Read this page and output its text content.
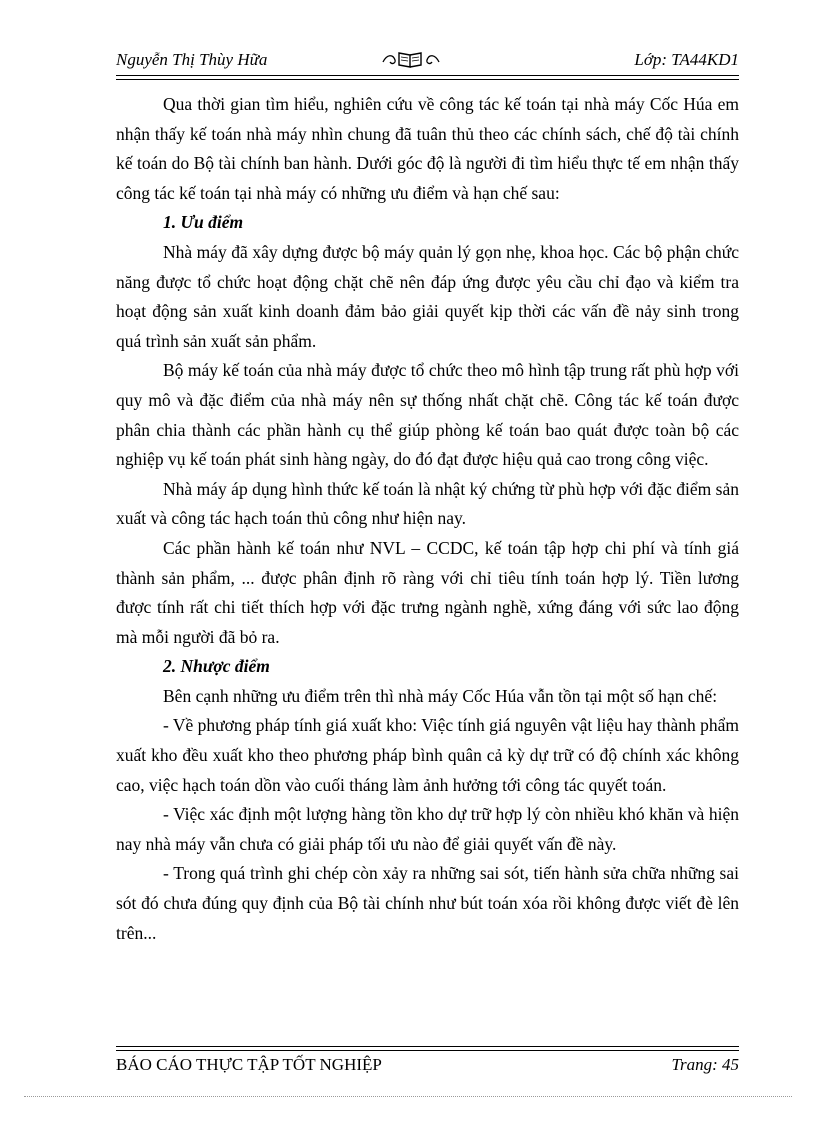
Nguyễn Thị Thùy Hữa	Lớp: TA44KD1

Qua thời gian tìm hiểu, nghiên cứu về công tác kế toán tại nhà máy Cốc Húa em nhận thấy kế toán nhà máy nhìn chung đã tuân thủ theo các chính sách, chế độ tài chính kế toán do Bộ tài chính ban hành. Dưới góc độ là người đi tìm hiểu thực tế em nhận thấy công tác kế toán tại nhà máy có những ưu điểm và hạn chế sau:

1. Ưu điểm

Nhà máy đã xây dựng được bộ máy quản lý gọn nhẹ, khoa học. Các bộ phận chức năng được tổ chức hoạt động chặt chẽ nên đáp ứng được yêu cầu chỉ đạo và kiểm tra hoạt động sản xuất kinh doanh đảm bảo giải quyết kịp thời các vấn đề nảy sinh trong quá trình sản xuất sản phẩm.

Bộ máy kế toán của nhà máy được tổ chức theo mô hình tập trung rất phù hợp với quy mô và đặc điểm của nhà máy nên sự thống nhất chặt chẽ. Công tác kế toán được phân chia thành các phần hành cụ thể giúp phòng kế toán bao quát được toàn bộ các nghiệp vụ kế toán phát sinh hàng ngày, do đó đạt được hiệu quả cao trong công việc.

Nhà máy áp dụng hình thức kế toán là nhật ký chứng từ phù hợp với đặc điểm sản xuất và công tác hạch toán thủ công như hiện nay.

Các phần hành kế toán như NVL – CCDC, kế toán tập hợp chi phí và tính giá thành sản phẩm, ... được phân định rõ ràng với chỉ tiêu tính toán hợp lý. Tiền lương được tính rất chi tiết thích hợp với đặc trưng ngành nghề, xứng đáng với sức lao động mà mỗi người đã bỏ ra.

2. Nhược điểm

Bên cạnh những ưu điểm trên thì nhà máy Cốc Húa vẫn tồn tại một số hạn chế:

- Về phương pháp tính giá xuất kho: Việc tính giá nguyên vật liệu hay thành phẩm xuất kho đều xuất kho theo phương pháp bình quân cả kỳ dự trữ có độ chính xác không cao, việc hạch toán dồn vào cuối tháng làm ảnh hưởng tới công tác quyết toán.

- Việc xác định một lượng hàng tồn kho dự trữ hợp lý còn nhiều khó khăn và hiện nay nhà máy vẫn chưa có giải pháp tối ưu nào để giải quyết vấn đề này.

- Trong quá trình ghi chép còn xảy ra những sai sót, tiến hành sửa chữa những sai sót đó chưa đúng quy định của Bộ tài chính như bút toán xóa rồi không được viết đè lên trên...

BÁO CÁO THỰC TẬP TỐT NGHIỆP	Trang: 45
